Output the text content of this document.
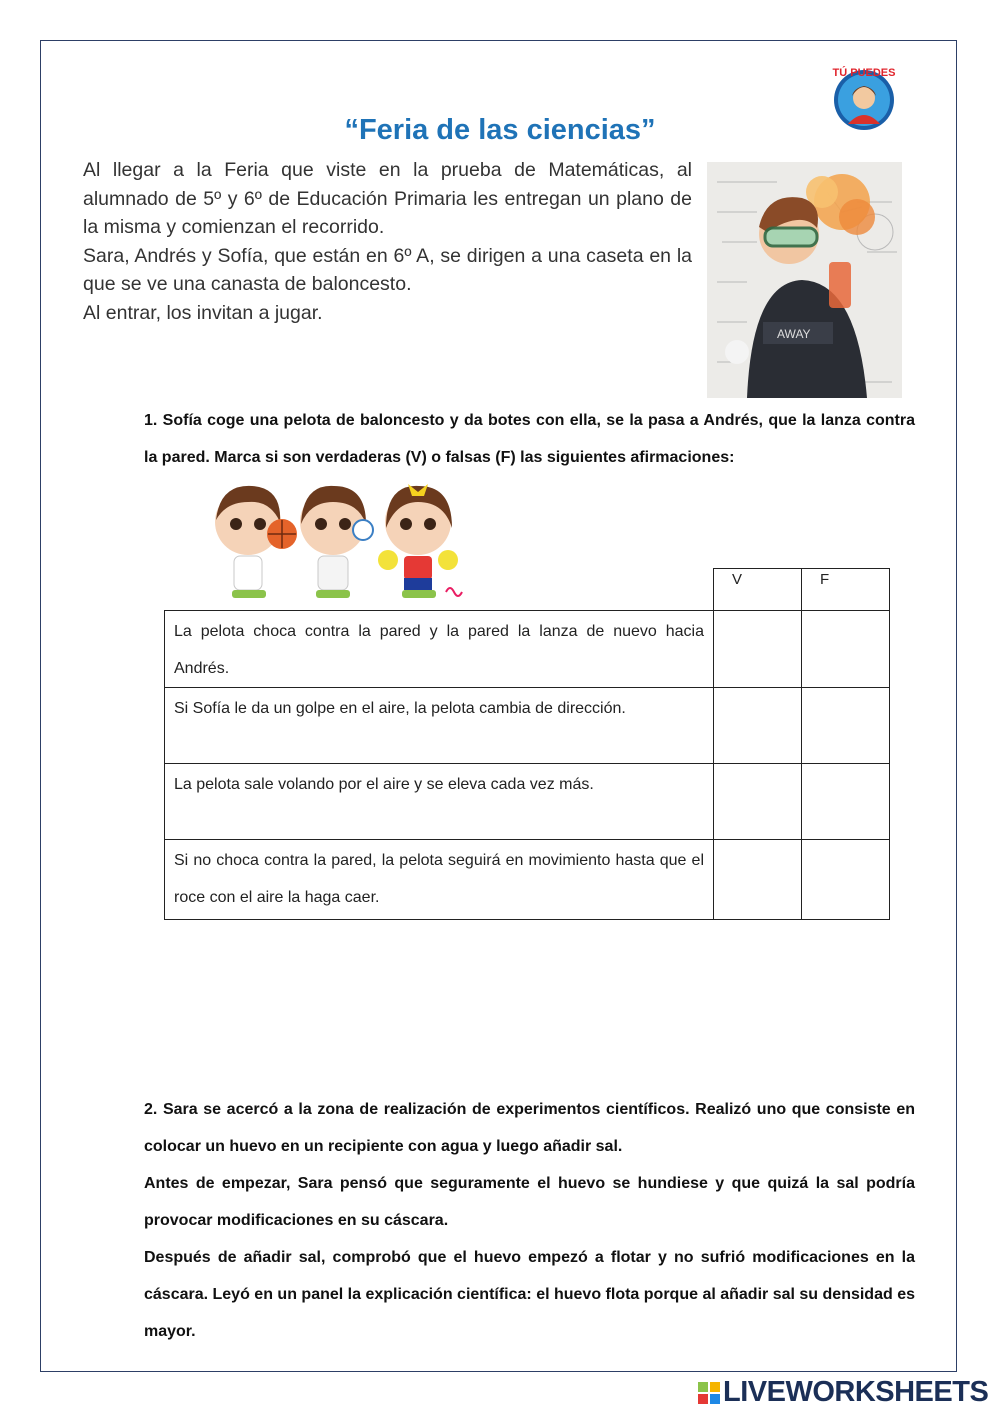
TÚ PUEDES
“Feria de las ciencias”

Al llegar a la Feria que viste en la prueba de Matemáticas, al alumnado de 5º y 6º de Educación Primaria les entregan un plano de la misma y comienzan el recorrido.

Sara, Andrés y Sofía, que están en 6º A, se dirigen a una caseta en la que se ve una canasta de baloncesto.

Al entrar, los invitan a jugar.

AWAY

1. Sofía coge una pelota de baloncesto y da botes con ella, se la pasa a Andrés, que la lanza contra la pared. Marca si son verdaderas (V) o falsas (F) las siguientes afirmaciones:

	V	F
La pelota choca contra la pared y la pared la lanza de nuevo hacia Andrés.		
Si Sofía le da un golpe en el aire, la pelota cambia de dirección.		
La pelota sale volando por el aire y se eleva cada vez más.		
Si no choca contra la pared, la pelota seguirá en movimiento hasta que el roce con el aire la haga caer.		

2. Sara se acercó a la zona de realización de experimentos científicos. Realizó uno que consiste en colocar un huevo en un recipiente con agua y luego añadir sal.

Antes de empezar, Sara pensó que seguramente el huevo se hundiese y que quizá la sal podría provocar modificaciones en su cáscara.

Después de añadir sal, comprobó que el huevo empezó a flotar y no sufrió modificaciones en la cáscara. Leyó en un panel la explicación científica: el huevo flota porque al añadir sal su densidad es mayor.

LIVEWORKSHEETS
